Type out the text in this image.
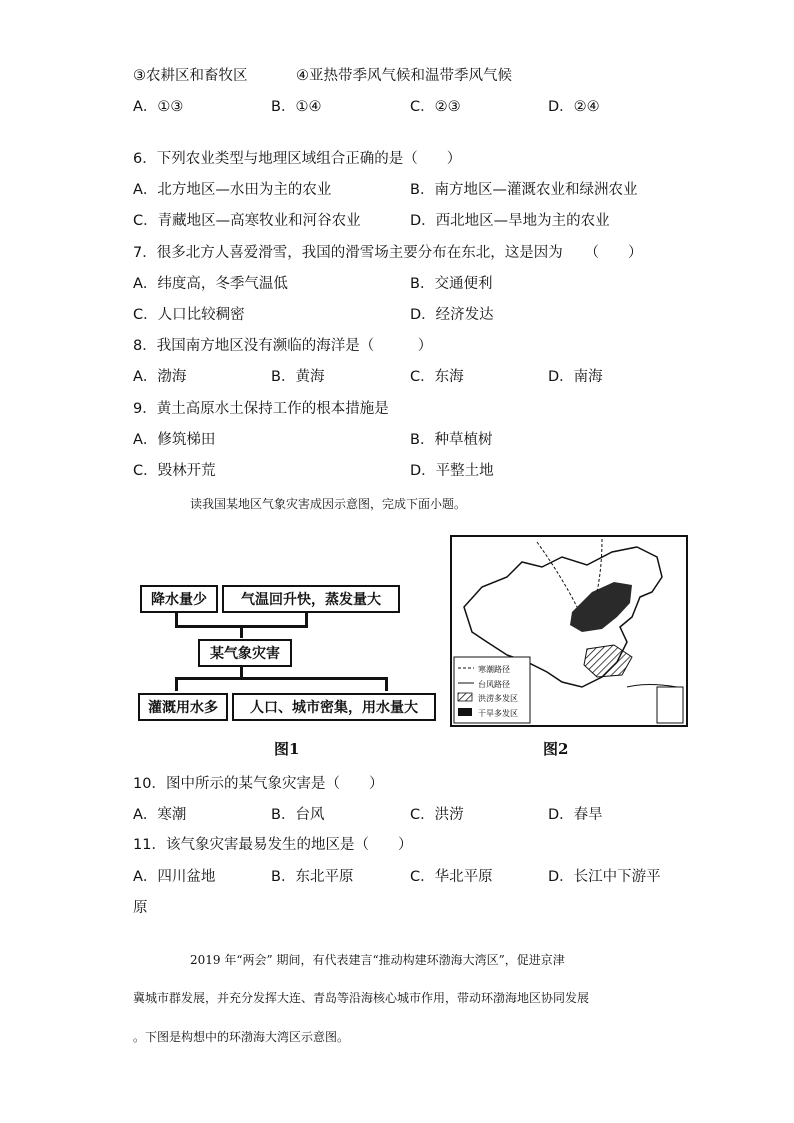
③农耕区和畜牧区	④亚热带季风气候和温带季风气候
A．①③	B．①④	C．②③	D．②④
6．下列农业类型与地理区域组合正确的是（　　）
A．北方地区—水田为主的农业	B．南方地区—灌溉农业和绿洲农业
C．青藏地区—高寒牧业和河谷农业	D．西北地区—旱地为主的农业
7．很多北方人喜爱滑雪，我国的滑雪场主要分布在东北，这是因为　　（　　）
A．纬度高，冬季气温低	B．交通便利
C．人口比较稠密	D．经济发达
8．我国南方地区没有濒临的海洋是（　　　）
A．渤海	B．黄海	C．东海	D．南海
9．黄土高原水土保持工作的根本措施是
A．修筑梯田	B．种草植树
C．毁林开荒	D．平整土地
读我国某地区气象灾害成因示意图，完成下面小题。
降水量少	气温回升快，蒸发量大
某气象灾害
灌溉用水多	人口、城市密集，用水量大
图1
寒潮路径
台风路径
洪涝多发区
干旱多发区
图2
10．图中所示的某气象灾害是（　　）
A．寒潮	B．台风	C．洪涝	D．春旱
11．该气象灾害最易发生的地区是（　　）
A．四川盆地	B．东北平原	C．华北平原	D．长江中下游平
原
2019 年“两会” 期间，有代表建言“推动构建环渤海大湾区”，促进京津
冀城市群发展，并充分发挥大连、青岛等沿海核心城市作用，带动环渤海地区协同发展
。下图是构想中的环渤海大湾区示意图。
